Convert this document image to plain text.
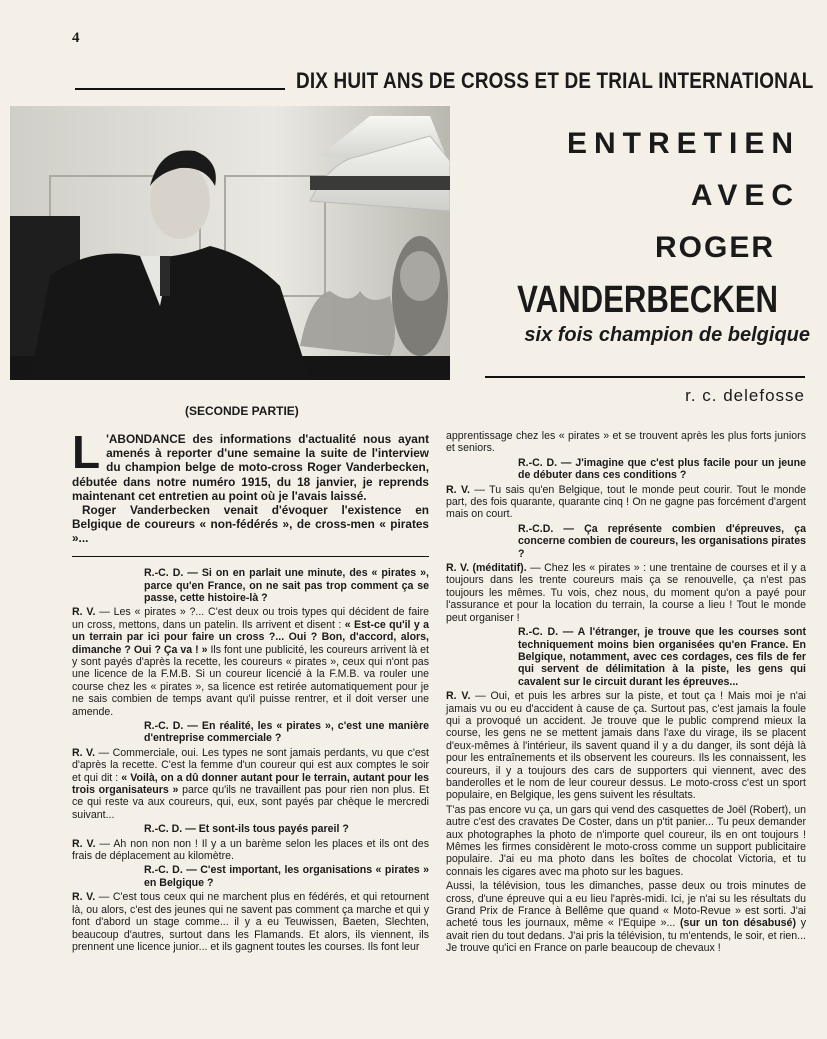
4
DIX HUIT ANS DE CROSS ET DE TRIAL INTERNATIONAL
ENTRETIEN
AVEC
ROGER
VANDERBECKEN
six fois champion de belgique
r. c. delefosse
(SECONDE PARTIE)
L 'ABONDANCE des informations d'actualité nous ayant amenés à reporter d'une semaine la suite de l'interview du champion belge de moto-cross Roger Vanderbecken, débutée dans notre numéro 1915, du 18 janvier, je reprends maintenant cet entretien au point où je l'avais laissé.

Roger Vanderbecken venait d'évoquer l'existence en Belgique de coureurs « non-fédérés », de cross-men « pirates »...

R.-C. D. — Si on en parlait une minute, des « pirates », parce qu'en France, on ne sait pas trop comment ça se passe, cette histoire-là ?

R. V. — Les « pirates » ?... C'est deux ou trois types qui décident de faire un cross, mettons, dans un patelin. Ils arrivent et disent : « Est-ce qu'il y a un terrain par ici pour faire un cross ?... Oui ? Bon, d'accord, alors, dimanche ? Oui ? Ça va ! » Ils font une publicité, les coureurs arrivent là et y sont payés d'après la recette, les coureurs « pirates », ceux qui n'ont pas une licence de la F.M.B. Si un coureur licencié à la F.M.B. va rouler une course chez les « pirates », sa licence est retirée automatiquement pour je ne sais combien de temps avant qu'il puisse rentrer, et il doit verser une amende.

R.-C. D. — En réalité, les « pirates », c'est une manière d'entreprise commerciale ?

R. V. — Commerciale, oui. Les types ne sont jamais perdants, vu que c'est d'après la recette. C'est la femme d'un coureur qui est aux comptes le soir et qui dit : « Voilà, on a dû donner autant pour le terrain, autant pour les trois organisateurs » parce qu'ils ne travaillent pas pour rien non plus. Et ce qui reste va aux coureurs, qui, eux, sont payés par chèque le mercredi suivant...

R.-C. D. — Et sont-ils tous payés pareil ?

R. V. — Ah non non non ! Il y a un barème selon les places et ils ont des frais de déplacement au kilomètre.

R.-C. D. — C'est important, les organisations « pirates » en Belgique ?

R. V. — C'est tous ceux qui ne marchent plus en fédérés, et qui retournent là, ou alors, c'est des jeunes qui ne savent pas comment ça marche et qui y font d'abord un stage comme... il y a eu Teuwissen, Baeten, Slechten, beaucoup d'autres, surtout dans les Flamands. Et alors, ils viennent, ils prennent une licence junior... et ils gagnent toutes les courses. Ils font leur

apprentissage chez les « pirates » et se trouvent après les plus forts juniors et seniors.

R.-C. D. — J'imagine que c'est plus facile pour un jeune de débuter dans ces conditions ?

R. V. — Tu sais qu'en Belgique, tout le monde peut courir. Tout le monde part, des fois quarante, quarante cinq ! On ne gagne pas forcément d'argent mais on court.

R.-C.D. — Ça représente combien d'épreuves, ça concerne combien de coureurs, les organisations pirates ?

R. V. (méditatif). — Chez les « pirates » : une trentaine de courses et il y a toujours dans les trente coureurs mais ça se renouvelle, ça n'est pas toujours les mêmes. Tu vois, chez nous, du moment qu'on a payé pour l'assurance et pour la location du terrain, la course a lieu ! Tout le monde peut organiser !

R.-C. D. — A l'étranger, je trouve que les courses sont techniquement moins bien organisées qu'en France. En Belgique, notamment, avec ces cordages, ces fils de fer qui servent de délimitation à la piste, les gens qui cavalent sur le circuit durant les épreuves...

R. V. — Oui, et puis les arbres sur la piste, et tout ça ! Mais moi je n'ai jamais vu ou eu d'accident à cause de ça. Surtout pas, c'est jamais la foule qui a provoqué un accident. Je trouve que le public comprend mieux la course, les gens ne se mettent jamais dans l'axe du virage, ils se placent d'eux-mêmes à l'intérieur, ils savent quand il y a du danger, ils sont déjà là pour les entraînements et ils observent les coureurs. Ils les connaissent, les coureurs, il y a toujours des cars de supporters qui viennent, avec des banderolles et le nom de leur coureur dessus. Le moto-cross c'est un sport populaire, en Belgique, les gens suivent les résultats.

T'as pas encore vu ça, un gars qui vend des casquettes de Joël (Robert), un autre c'est des cravates De Coster, dans un p'tit panier... Tu peux demander aux photographes la photo de n'importe quel coureur, ils en ont toujours ! Mêmes les firmes considèrent le moto-cross comme un support publicitaire populaire. J'ai eu ma photo dans les boîtes de chocolat Victoria, et tu connais les cigares avec ma photo sur les bagues.

Aussi, la télévision, tous les dimanches, passe deux ou trois minutes de cross, d'une épreuve qui a eu lieu l'après-midi. Ici, je n'ai su les résultats du Grand Prix de France à Bellême que quand « Moto-Revue » est sorti. J'ai acheté tous les journaux, même « l'Equipe »... (sur un ton désabusé) y avait rien du tout dedans. J'ai pris la télévision, tu m'entends, le soir, et rien... Je trouve qu'ici en France on parle beaucoup de chevaux !
